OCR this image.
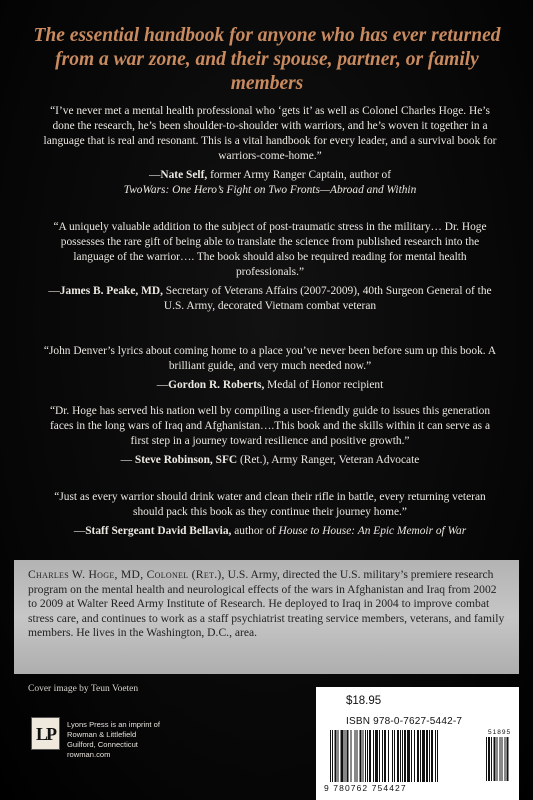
The essential handbook for anyone who has ever returned from a war zone, and their spouse, partner, or family members

“I’ve never met a mental health professional who ‘gets it’ as well as Colonel Charles Hoge. He’s done the research, he’s been shoulder-to-shoulder with warriors, and he’s woven it together in a language that is real and resonant. This is a vital handbook for every leader, and a survival book for warriors-come-home.”

—Nate Self, former Army Ranger Captain, author of
TwoWars: One Hero’s Fight on Two Fronts—Abroad and Within

“A uniquely valuable addition to the subject of post-traumatic stress in the military… Dr. Hoge possesses the rare gift of being able to translate the science from published research into the language of the warrior…. The book should also be required reading for mental health professionals.”

—James B. Peake, MD, Secretary of Veterans Affairs (2007-2009), 40th Surgeon General of the U.S. Army, decorated Vietnam combat veteran

“John Denver’s lyrics about coming home to a place you’ve never been before sum up this book. A brilliant guide, and very much needed now.”

—Gordon R. Roberts, Medal of Honor recipient

“Dr. Hoge has served his nation well by compiling a user-friendly guide to issues this generation faces in the long wars of Iraq and Afghanistan….This book and the skills within it can serve as a first step in a journey toward resilience and positive growth.”

— Steve Robinson, SFC (Ret.), Army Ranger, Veteran Advocate

“Just as every warrior should drink water and clean their rifle in battle, every returning veteran should pack this book as they continue their journey home.”

—Staff Sergeant David Bellavia, author of House to House: An Epic Memoir of War

Charles W. Hoge, MD, Colonel (Ret.), U.S. Army, directed the U.S. military’s premiere research program on the mental health and neurological effects of the wars in Afghanistan and Iraq from 2002 to 2009 at Walter Reed Army Institute of Research. He deployed to Iraq in 2004 to improve combat stress care, and continues to work as a staff psychiatrist treating service members, veterans, and family members. He lives in the Washington, D.C., area.

Cover image by Teun Voeten
LP	Lyons Press is an imprint of
Rowman & Littlefield
Guilford, Connecticut
rowman.com
$18.95
ISBN 978-0-7627-5442-7
51895
9 780762 754427
